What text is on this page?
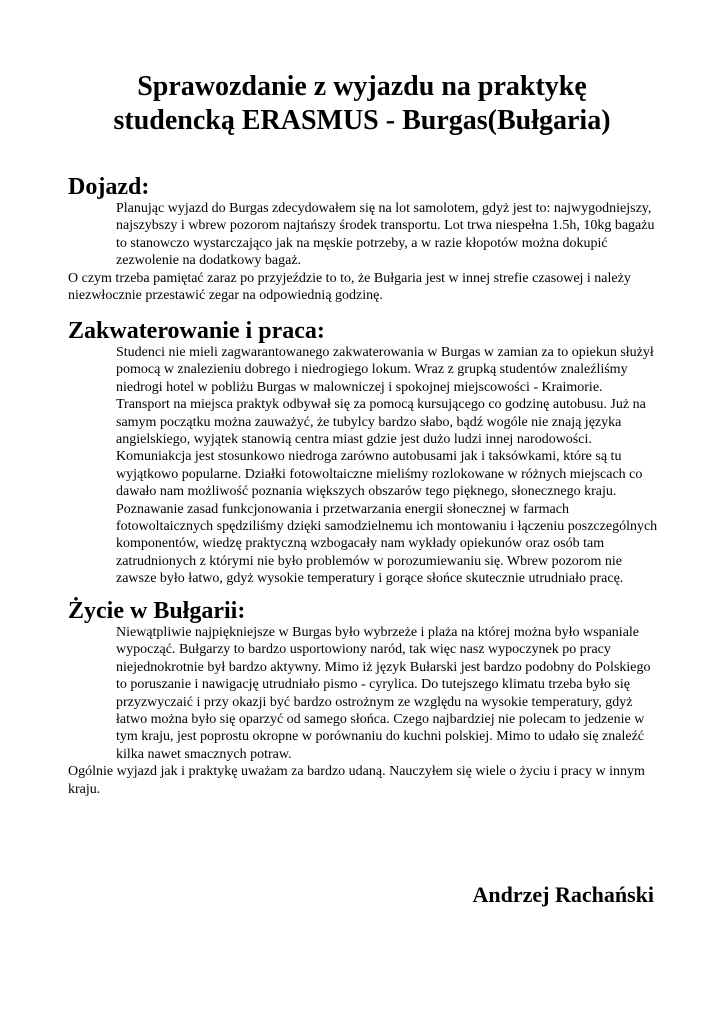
Sprawozdanie z wyjazdu na praktykę
studencką ERASMUS - Burgas(Bułgaria)
Dojazd:

Planując wyjazd do Burgas zdecydowałem się na lot samolotem, gdyż jest to: najwygodniejszy, najszybszy i wbrew pozorom najtańszy środek transportu. Lot trwa niespełna 1.5h, 10kg bagażu to stanowczo wystarczająco jak na męskie potrzeby, a w razie kłopotów można dokupić zezwolenie na dodatkowy bagaż.
O czym trzeba pamiętać zaraz po przyjeździe to to, że Bułgaria jest w innej strefie czasowej i należy niezwłocznie przestawić zegar na odpowiednią godzinę.

Zakwaterowanie i praca:

Studenci nie mieli zagwarantowanego zakwaterowania w Burgas w zamian za to opiekun służył pomocą w znalezieniu dobrego i niedrogiego lokum. Wraz z grupką studentów znaleźliśmy niedrogi hotel w pobliżu Burgas w malowniczej i spokojnej miejscowości - Kraimorie. Transport na miejsca praktyk odbywał się za pomocą kursującego co godzinę autobusu. Już na samym początku można zauważyć, że tubylcy bardzo słabo, bądź wogóle nie znają języka angielskiego, wyjątek stanowią centra miast gdzie jest dużo ludzi innej narodowości. Komuniakcja jest stosunkowo niedroga zarówno autobusami jak i taksówkami, które są tu wyjątkowo popularne. Działki fotowoltaiczne mieliśmy rozlokowane w różnych miejscach co dawało nam możliwość poznania większych obszarów tego pięknego, słonecznego kraju. Poznawanie zasad funkcjonowania i przetwarzania energii słonecznej w farmach fotowoltaicznych spędziliśmy dzięki samodzielnemu ich montowaniu i łączeniu poszczególnych komponentów, wiedzę praktyczną wzbogacały nam wykłady opiekunów oraz osób tam zatrudnionych z którymi nie było problemów w porozumiewaniu się. Wbrew pozorom nie zawsze było łatwo, gdyż wysokie temperatury i gorące słońce skutecznie utrudniało pracę.

Życie w Bułgarii:

Niewątpliwie najpiękniejsze w Burgas było wybrzeże i plaża na której można było wspaniale wypocząć. Bułgarzy to bardzo usportowiony naród, tak więc nasz wypoczynek po pracy niejednokrotnie był bardzo aktywny. Mimo iż język Bułarski jest bardzo podobny do Polskiego to poruszanie i nawigację utrudniało pismo - cyrylica. Do tutejszego klimatu trzeba było się przyzwyczaić i przy okazji być bardzo ostrożnym ze względu na wysokie temperatury, gdyż łatwo można było się oparzyć od samego słońca. Czego najbardziej nie polecam to jedzenie w tym kraju, jest poprostu okropne w porównaniu do kuchni polskiej. Mimo to udało się znaleźć kilka nawet smacznych potraw.
Ogólnie wyjazd jak i praktykę uważam za bardzo udaną. Nauczyłem się wiele o życiu i pracy w innym kraju.

Andrzej Rachański
